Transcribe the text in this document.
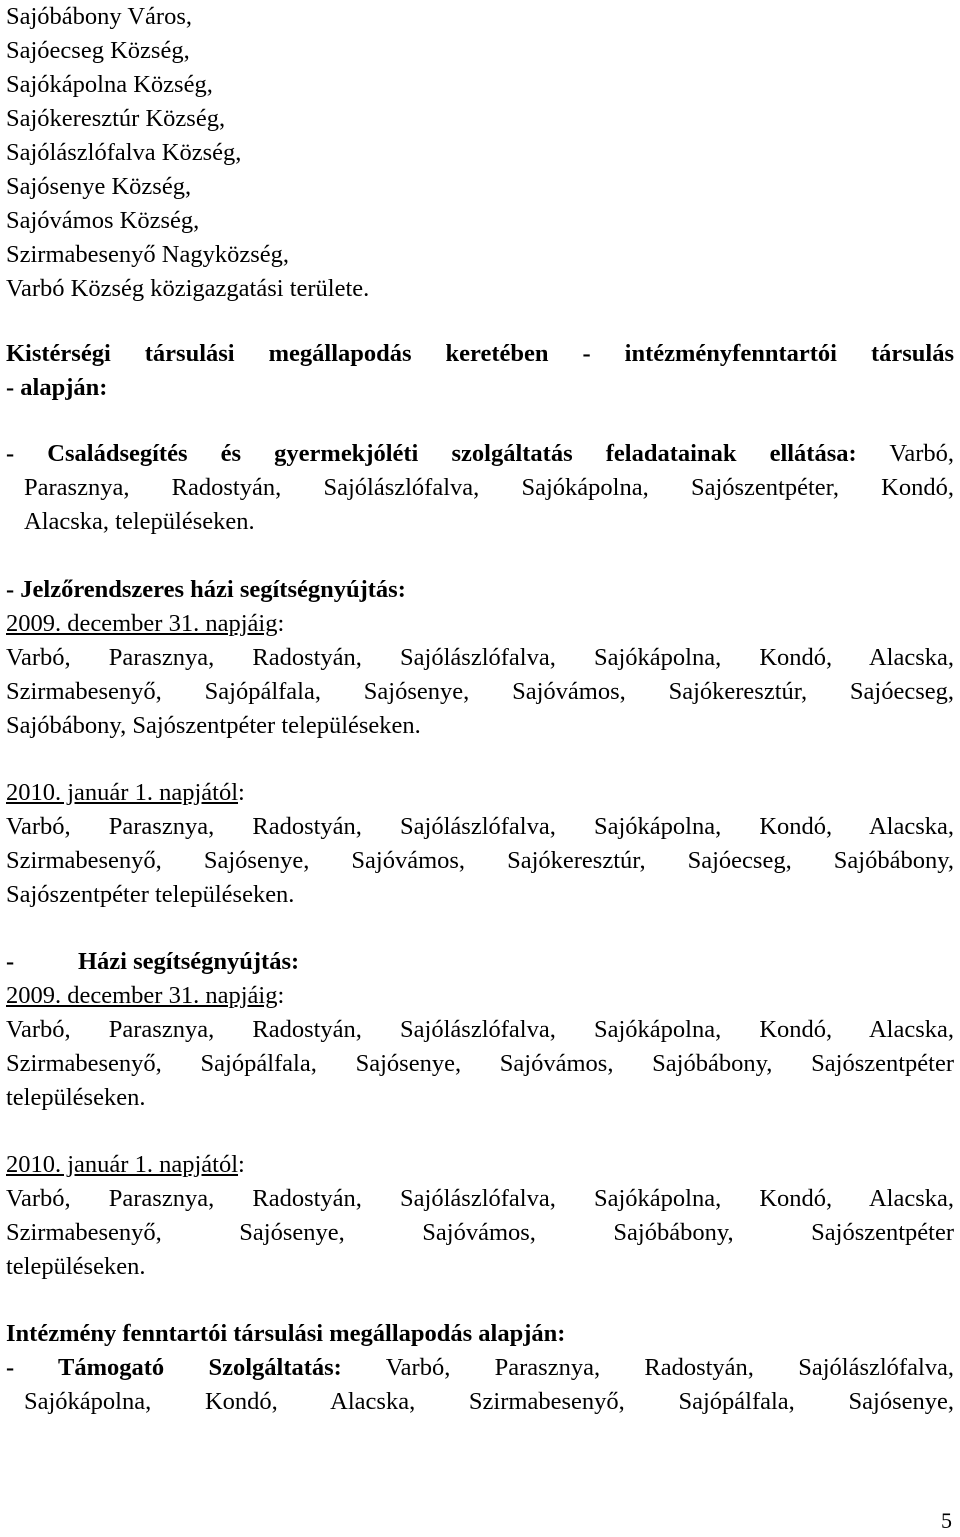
Sajóbábony Város,
Sajóecseg Község,
Sajókápolna Község,
Sajókeresztúr Község,
Sajólászlófalva Község,
Sajósenye Község,
Sajóvámos Község,
Szirmabesenyő Nagyközség,
Varbó Község közigazgatási területe.
Kistérségi társulási megállapodás keretében - intézményfenntartói társulás
- alapján:
- Családsegítés és gyermekjóléti szolgáltatás feladatainak ellátása: Varbó,
Parasznya, Radostyán, Sajólászlófalva, Sajókápolna, Sajószentpéter, Kondó,
Alacska, településeken.
- Jelzőrendszeres házi segítségnyújtás:
2009. december 31. napjáig:
Varbó, Parasznya, Radostyán, Sajólászlófalva, Sajókápolna, Kondó, Alacska,
Szirmabesenyő, Sajópálfala, Sajósenye, Sajóvámos, Sajókeresztúr, Sajóecseg,
Sajóbábony, Sajószentpéter településeken.
2010. január 1. napjától:
Varbó, Parasznya, Radostyán, Sajólászlófalva, Sajókápolna, Kondó, Alacska,
Szirmabesenyő, Sajósenye, Sajóvámos, Sajókeresztúr, Sajóecseg, Sajóbábony,
Sajószentpéter településeken.
-	Házi segítségnyújtás:
2009. december 31. napjáig:
Varbó, Parasznya, Radostyán, Sajólászlófalva, Sajókápolna, Kondó, Alacska,
Szirmabesenyő, Sajópálfala, Sajósenye, Sajóvámos, Sajóbábony, Sajószentpéter
településeken.
2010. január 1. napjától:
Varbó, Parasznya, Radostyán, Sajólászlófalva, Sajókápolna, Kondó, Alacska,
Szirmabesenyő, Sajósenye, Sajóvámos, Sajóbábony, Sajószentpéter
településeken.
Intézmény fenntartói társulási megállapodás alapján:
- Támogató Szolgáltatás: Varbó, Parasznya, Radostyán, Sajólászlófalva,
Sajókápolna, Kondó, Alacska, Szirmabesenyő, Sajópálfala, Sajósenye,
5
